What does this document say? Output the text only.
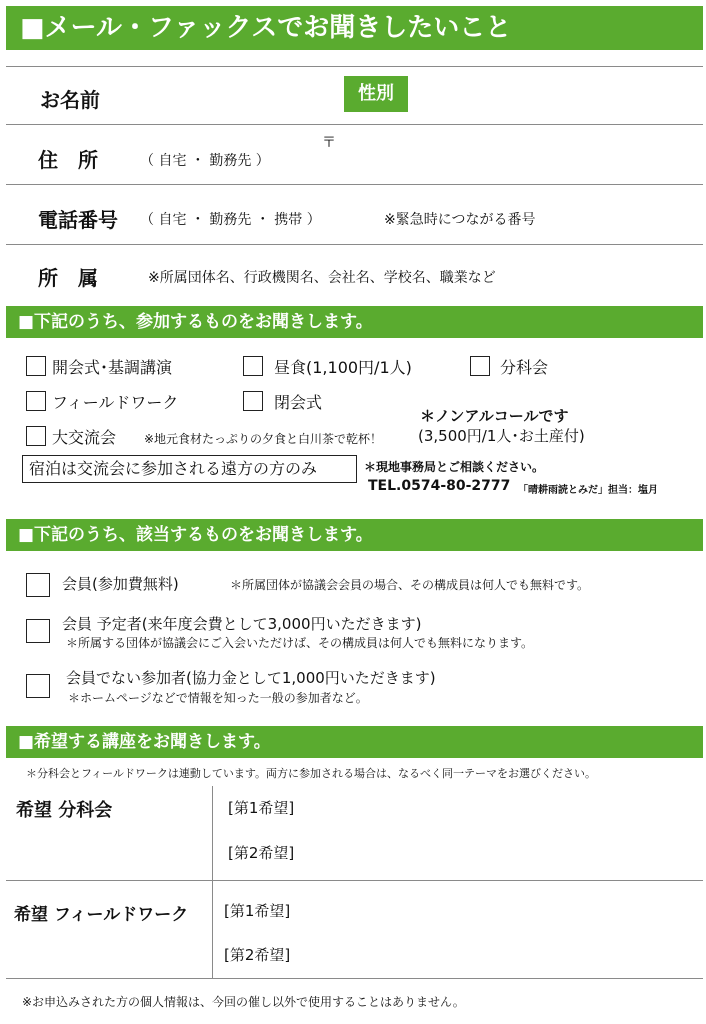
■メール・ファックスでお聞きしたいこと
お名前	性別
住　所	（ 自宅 ・ 勤務先 ）
〒
電話番号 （ 自宅 ・ 勤務先 ・ 携帯 ）	※緊急時につながる番号
所　属	※所属団体名、行政機関名、会社名、学校名、職業など
■下記のうち、参加するものをお聞きします。
開会式･基調講演	昼食(1,100円/1人)	分科会
フィールドワーク	閉会式
＊ノンアルコールです
大交流会 ※地元食材たっぷりの夕食と白川茶で乾杯！ (3,500円/1人･お土産付)
宿泊は交流会に参加される遠方の方のみ	＊現地事務局とご相談ください。
TEL.0574-80-2777 「晴耕雨読とみだ」担当：塩月
■下記のうち、該当するものをお聞きします。
会員(参加費無料)	＊所属団体が協議会会員の場合、その構成員は何人でも無料です。
会員 予定者(来年度会費として3,000円いただきます)
＊所属する団体が協議会にご入会いただけば、その構成員は何人でも無料になります。
会員でない参加者(協力金として1,000円いただきます)
＊ホームページなどで情報を知った一般の参加者など。
■希望する講座をお聞きします。
＊分科会とフィールドワークは連動しています。両方に参加される場合は、なるべく同一テーマをお選びください。
希望 分科会	[第1希望]
[第2希望]
希望 フィールドワーク [第1希望]
[第2希望]
※お申込みされた方の個人情報は、今回の催し以外で使用することはありません。
